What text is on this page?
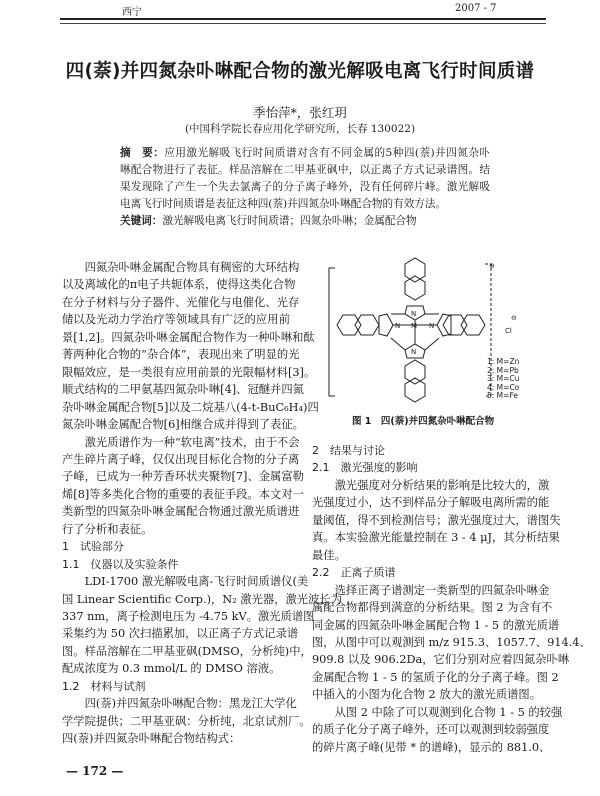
西宁	2007 - 7
四(萘)并四氮杂卟啉配合物的激光解吸电离飞行时间质谱
季怡萍*，张红玥
(中国科学院长春应用化学研究所，长春 130022)
摘　要：应用激光解吸飞行时间质谱对含有不同金属的5种四(萘)并四氮杂卟
啉配合物进行了表征。样品溶解在二甲基亚砜中，以正离子方式记录谱图。结
果发现除了产生一个失去氯离子的分子离子峰外，没有任何碎片峰。激光解吸
电离飞行时间质谱是表征这种四(萘)并四氮杂卟啉配合物的有效方法。
关键词：激光解吸电离飞行时间质谱；四氮杂卟啉；金属配合物
四氮杂卟啉金属配合物具有稠密的大环结构
以及离域化的π电子共轭体系，使得这类化合物
在分子材料与分子器件、光催化与电催化、光存
储以及光动力学治疗等领域具有广泛的应用前
景[1,2]。四氮杂卟啉金属配合物作为一种卟啉和酞
菁两种化合物的“杂合体”，表现出来了明显的光
限幅效应，是一类很有应用前景的光限幅材料[3]。
顺式结构的二甲氨基四氮杂卟啉[4]、冠醚并四氮
杂卟啉金属配合物[5]以及二烷基八(4-t-BuC₆H₄)四
氮杂卟啉金属配合物[6]相继合成并得到了表征。
激光质谱作为一种“软电离”技术，由于不会
产生碎片离子峰，仅仅出现目标化合物的分子离
子峰，已成为一种芳香环状夹聚物[7]、金属富勒
烯[8]等多类化合物的重要的表征手段。本文对一
类新型的四氮杂卟啉金属配合物通过激光质谱进
行了分析和表征。
1　试验部分
1.1　仪器以及实验条件
LDI-1700 激光解吸电离-飞行时间质谱仪(美
国 Linear Scientific Corp.)，N₂ 激光器，激光波长为
337 nm，离子检测电压为 -4.75 kV。激光质谱图
采集约为 50 次扫描累加，以正离子方式记录谱
图。样品溶解在二甲基亚砜(DMSO，分析纯)中，
配成浓度为 0.3 mmol/L 的 DMSO 溶液。
1.2　材料与试剂
四(萘)并四氮杂卟啉配合物：黑龙江大学化
学学院提供；二甲基亚砜：分析纯，北京试剂厂。
四(萘)并四氮杂卟啉配合物结构式：
2　结果与讨论
2.1　激光强度的影响
激光强度对分析结果的影响是比较大的，激
光强度过小，达不到样品分子解吸电离所需的能
量阈值，得不到检测信号；激光强度过大，谱图失
真。本实验激光能量控制在 3 - 4 μJ，其分析结果
最佳。
2.2　正离子质谱
选择正离子谱测定一类新型的四氮杂卟啉金
属配合物都得到满意的分析结果。图 2 为含有不
同金属的四氮杂卟啉金属配合物 1 - 5 的激光质谱
图，从图中可以观测到 m/z 915.3、1057.7、914.4、
909.8 以及 906.2Da，它们分别对应着四氮杂卟啉
金属配合物 1 - 5 的氢质子化的分子离子峰。图 2
中插入的小图为化合物 2 放大的激光质谱图。
从图 2 中除了可以观测到化合物 1 - 5 的较强
的质子化分子离子峰外，还可以观测到较弱强度
的碎片离子峰(见带 * 的谱峰)，显示的 881.0、
M
N
N
N	N
⊕
⊖
Cl
1: M=Zn
2: M=Pb
3: M=Cu
4: M=Co
5: M=Fe
图 1　四(萘)并四氮杂卟啉配合物
— 172 —
